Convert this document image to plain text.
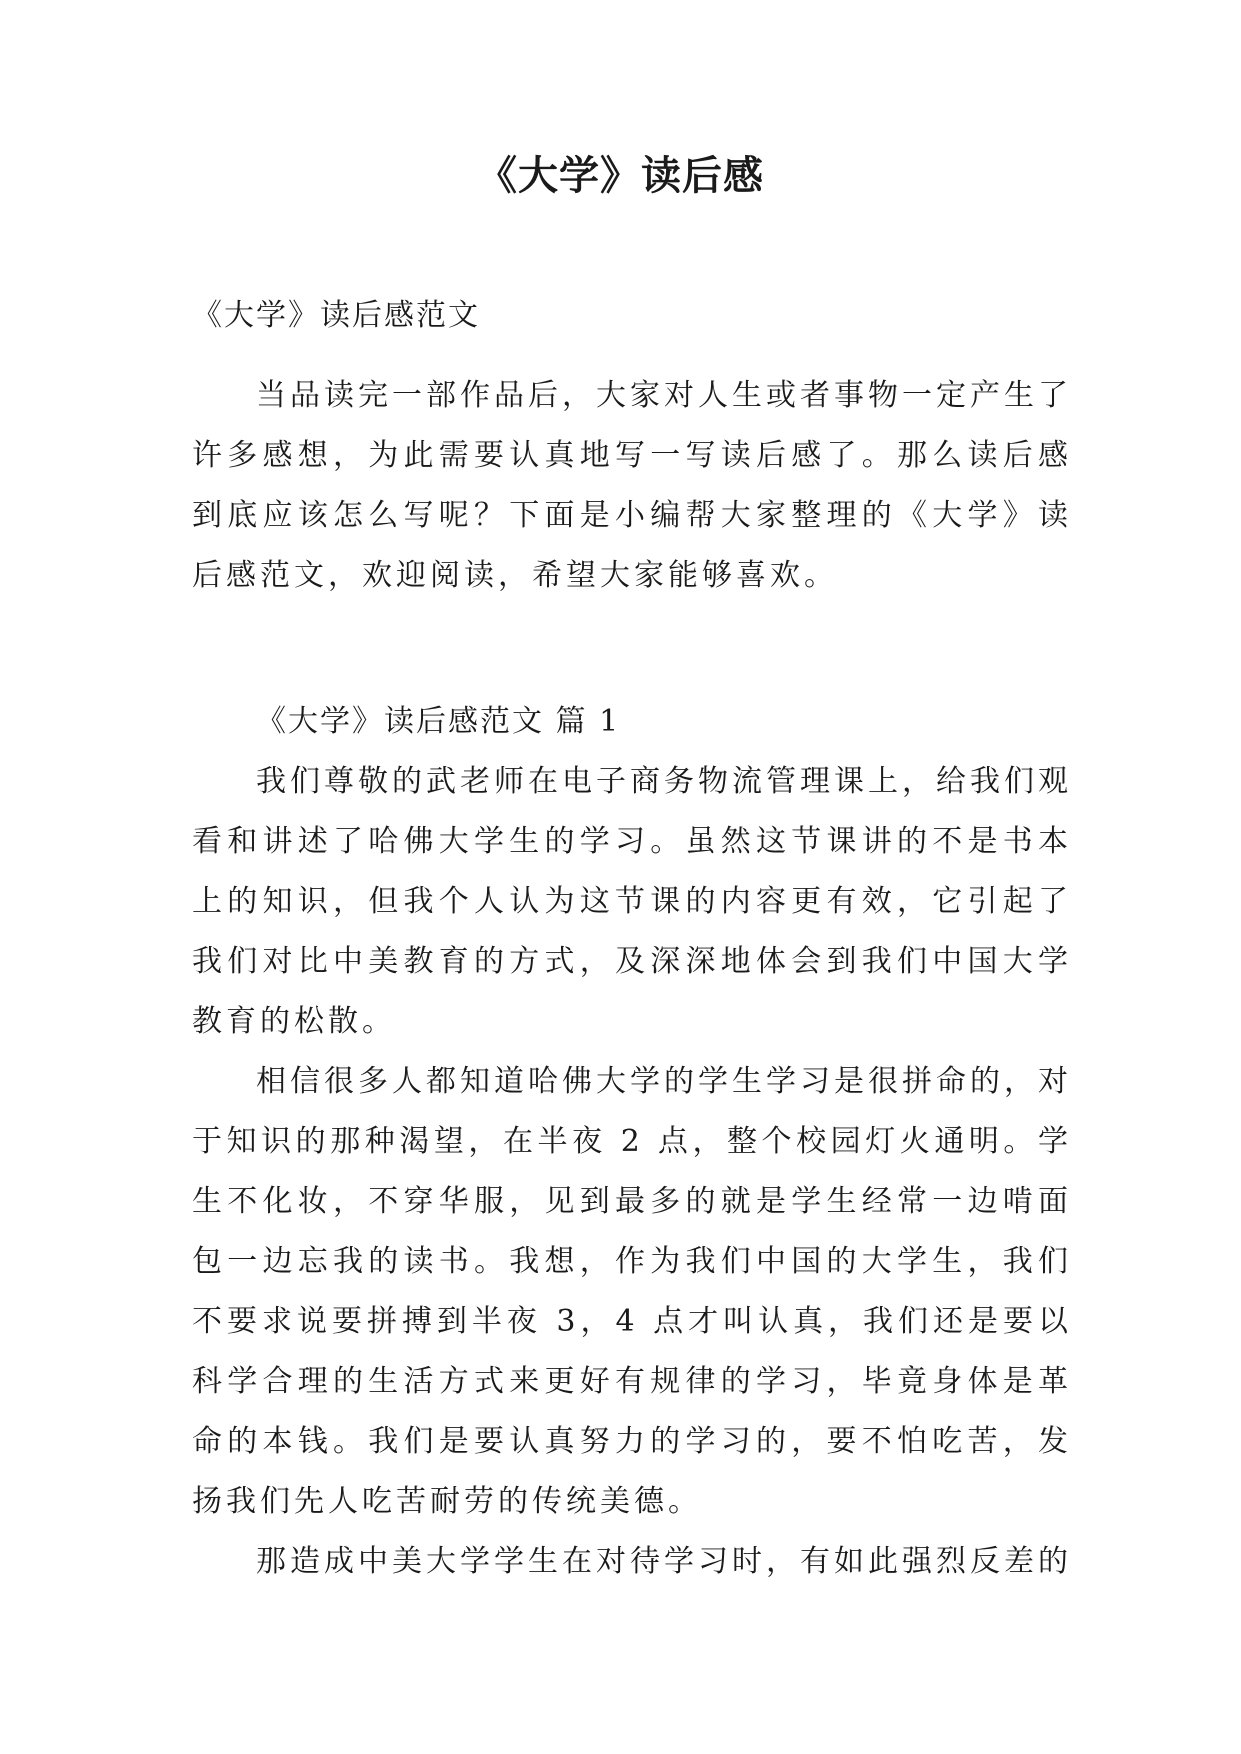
《大学》读后感

《大学》读后感范文

当品读完一部作品后，大家对人生或者事物一定产生了许多感想，为此需要认真地写一写读后感了。那么读后感到底应该怎么写呢？下面是小编帮大家整理的《大学》读后感范文，欢迎阅读，希望大家能够喜欢。

《大学》读后感范文 篇 1

我们尊敬的武老师在电子商务物流管理课上，给我们观看和讲述了哈佛大学生的学习。虽然这节课讲的不是书本上的知识，但我个人认为这节课的内容更有效，它引起了我们对比中美教育的方式，及深深地体会到我们中国大学教育的松散。

相信很多人都知道哈佛大学的学生学习是很拼命的，对于知识的那种渴望，在半夜 2 点，整个校园灯火通明。学生不化妆，不穿华服，见到最多的就是学生经常一边啃面包一边忘我的读书。我想，作为我们中国的大学生，我们不要求说要拼搏到半夜 3，4 点才叫认真，我们还是要以科学合理的生活方式来更好有规律的学习，毕竟身体是革命的本钱。我们是要认真努力的学习的，要不怕吃苦，发扬我们先人吃苦耐劳的传统美德。

那造成中美大学学生在对待学习时，有如此强烈反差的
